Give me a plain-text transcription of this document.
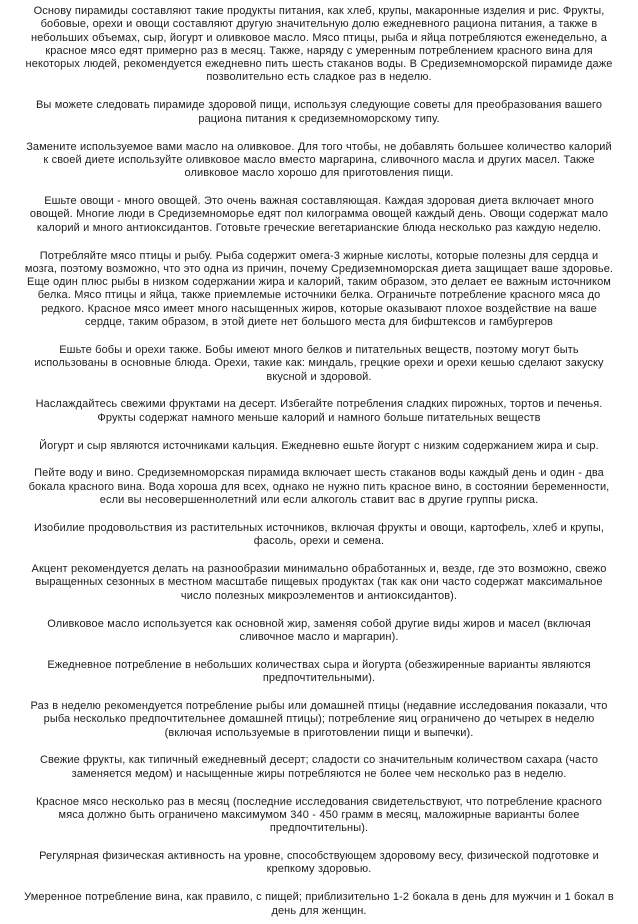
Основу пирамиды составляют такие продукты питания, как хлеб, крупы, макаронные изделия и рис. Фрукты, бобовые, орехи и овощи составляют другую значительную долю ежедневного рациона питания, а также в небольших объемах, сыр, йогурт и оливковое масло. Мясо птицы, рыба и яйца потребляются еженедельно, а красное мясо едят примерно раз в месяц. Также, наряду с умеренным потреблением красного вина для некоторых людей, рекомендуется ежедневно пить шесть стаканов воды. В Средиземноморской пирамиде даже позволительно есть сладкое раз в неделю.

Вы можете следовать пирамиде здоровой пищи, используя следующие советы для преобразования вашего рациона питания к средиземноморскому типу.

Замените используемое вами масло на оливковое. Для того чтобы, не добавлять большее количество калорий к своей диете используйте оливковое масло вместо маргарина, сливочного масла и других масел. Также оливковое масло хорошо для приготовления пищи.

Ешьте овощи - много овощей. Это очень важная составляющая. Каждая здоровая диета включает много овощей. Многие люди в Средиземноморье едят пол килограмма овощей каждый день. Овощи содержат мало калорий и много антиоксидантов. Готовьте греческие вегетарианские блюда несколько раз каждую неделю.

Потребляйте мясо птицы и рыбу. Рыба содержит омега-3 жирные кислоты, которые полезны для сердца и мозга, поэтому возможно, что это одна из причин, почему Средиземноморская диета защищает ваше здоровье. Еще один плюс рыбы в низком содержании жира и калорий, таким образом, это делает ее важным источником белка. Мясо птицы и яйца, также приемлемые источники белка. Ограничьте потребление красного мяса до редкого. Красное мясо имеет много насыщенных жиров, которые оказывают плохое воздействие на ваше сердце, таким образом, в этой диете нет большого места для бифштексов и гамбургеров

Ешьте бобы и орехи также. Бобы имеют много белков и питательных веществ, поэтому могут быть использованы в основные блюда. Орехи, такие как: миндаль, грецкие орехи и орехи кешью сделают закуску вкусной и здоровой.

Наслаждайтесь свежими фруктами на десерт. Избегайте потребления сладких пирожных, тортов и печенья. Фрукты содержат намного меньше калорий и намного больше питательных веществ

Йогурт и сыр являются источниками кальция. Ежедневно ешьте йогурт с низким содержанием жира и сыр.

Пейте воду и вино. Средиземноморская пирамида включает шесть стаканов воды каждый день и один - два бокала красного вина. Вода хороша для всех, однако не нужно пить красное вино, в состоянии беременности, если вы несовершеннолетний или если алкоголь ставит вас в другие группы риска.

Изобилие продовольствия из растительных источников, включая фрукты и овощи, картофель, хлеб и крупы, фасоль, орехи и семена.

Акцент рекомендуется делать на разнообразии минимально обработанных и, везде, где это возможно, свежо выращенных сезонных в местном масштабе пищевых продуктах (так как они часто содержат максимальное число полезных микроэлементов и антиоксидантов).

Оливковое масло используется как основной жир, заменяя собой другие виды жиров и масел (включая сливочное масло и маргарин).

Ежедневное потребление в небольших количествах сыра и йогурта (обезжиренные варианты являются предпочтительными).

Раз в неделю рекомендуется потребление рыбы или домашней птицы (недавние исследования показали, что рыба несколько предпочтительнее домашней птицы); потребление яиц ограничено до четырех в неделю (включая используемые в приготовлении пищи и выпечки).

Свежие фрукты, как типичный ежедневный десерт; сладости со значительным количеством сахара (часто заменяется медом) и насыщенные жиры потребляются не более чем несколько раз в неделю.

Красное мясо несколько раз в месяц (последние исследования свидетельствуют, что потребление красного мяса должно быть ограничено максимумом 340 - 450 грамм в месяц, маложирные варианты более предпочтительны).

Регулярная физическая активность на уровне, способствующем здоровому весу, физической подготовке и крепкому здоровью.

Умеренное потребление вина, как правило, с пищей; приблизительно 1-2 бокала в день для мужчин и 1 бокал в день для женщин.
